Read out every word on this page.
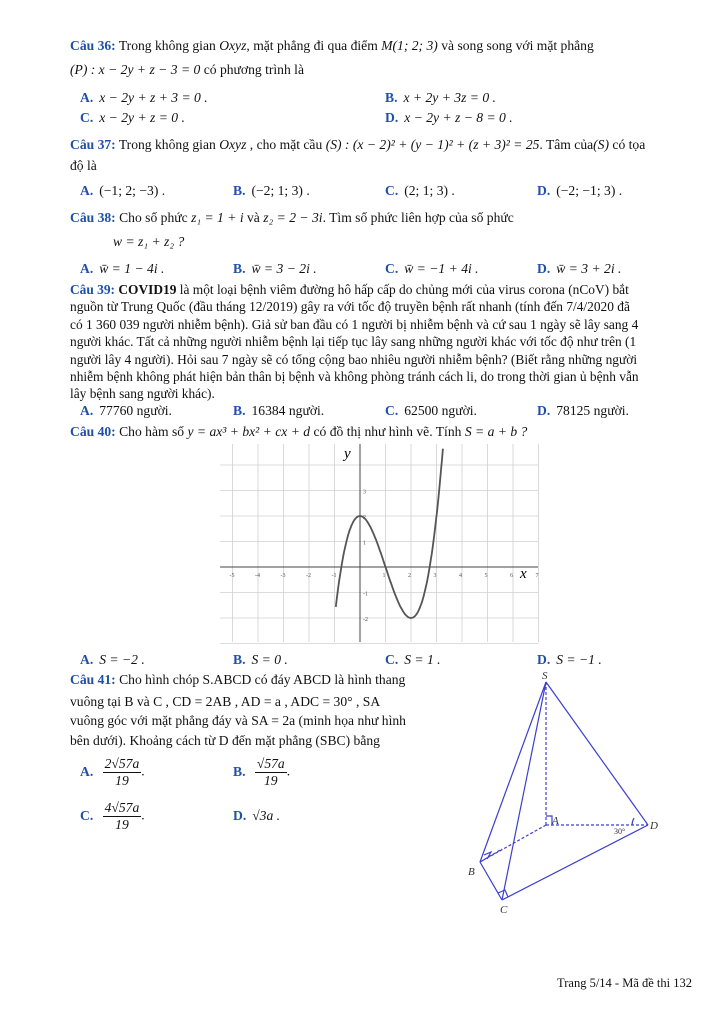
Câu 36: Trong không gian Oxyz, mặt phẳng đi qua điểm M(1; 2; 3) và song song với mặt phẳng
(P) : x − 2y + z − 3 = 0 có phương trình là
A. x − 2y + z + 3 = 0 .	B. x + 2y + 3z = 0 .
C. x − 2y + z = 0 .	D. x − 2y + z − 8 = 0 .
Câu 37: Trong không gian Oxyz , cho mặt cầu (S) : (x − 2)² + (y − 1)² + (z + 3)² = 25. Tâm của(S) có tọa
độ là
A. (−1; 2; −3) .	B. (−2; 1; 3) .	C. (2; 1; 3) .	D. (−2; −1; 3) .
Câu 38: Cho số phức z₁ = 1 + i và z₂ = 2 − 3i. Tìm số phức liên hợp của số phức
w = z₁ + z₂ ?
A. w̄ = 1 − 4i .	B. w̄ = 3 − 2i .	C. w̄ = −1 + 4i .	D. w̄ = 3 + 2i .
Câu 39: COVID19 là một loại bệnh viêm đường hô hấp cấp do chủng mới của virus corona (nCoV) bắt
nguồn từ Trung Quốc (đầu tháng 12/2019) gây ra với tốc độ truyền bệnh rất nhanh (tính đến 7/4/2020 đã
có 1 360 039 người nhiễm bệnh). Giả sử ban đầu có 1 người bị nhiễm bệnh và cứ sau 1 ngày sẽ lây sang 4
người khác. Tất cả những người nhiễm bệnh lại tiếp tục lây sang những người khác với tốc độ như trên (1
người lây 4 người). Hỏi sau 7 ngày sẽ có tổng cộng bao nhiêu người nhiễm bệnh? (Biết rằng những người
nhiễm bệnh không phát hiện bản thân bị bệnh và không phòng tránh cách li, do trong thời gian ủ bệnh vẫn
lây bệnh sang người khác).
A. 77760 người.	B. 16384 người.	C. 62500 người.	D. 78125 người.
Câu 40: Cho hàm số y = ax³ + bx² + cx + d có đồ thị như hình vẽ. Tính S = a + b ?
-5	-4	-3	-2	-1	1	2	3	4	5	6	7
3
2
1
-1
-2
y
x
A. S = −2 .	B. S = 0 .	C. S = 1 .	D. S = −1 .
Câu 41: Cho hình chóp S.ABCD có đáy ABCD là hình thang
vuông tại B và C , CD = 2AB , AD = a , ADC = 30° , SA
vuông góc với mặt phẳng đáy và SA = 2a (minh họa như hình
bên dưới). Khoảng cách từ D đến mặt phẳng (SBC) bằng
A. $\frac{2√57a}{19}$ .	B. $\frac{√57a}{19}$ .
C. $\frac{4√57a}{19}$ .	D. √3a .
S
A
B
C
D
30°
Trang 5/14 - Mã đề thi 132
